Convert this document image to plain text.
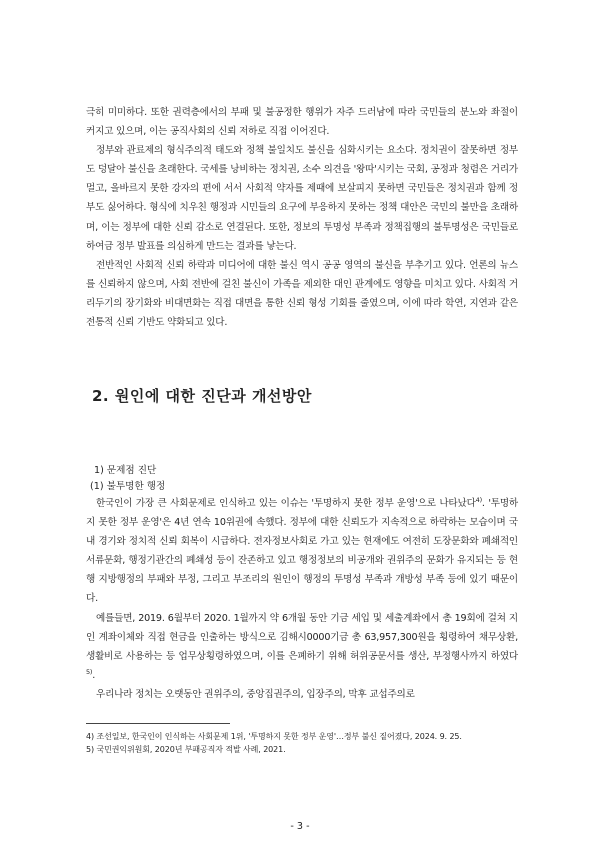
극히 미미하다. 또한 권력층에서의 부패 및 불공정한 행위가 자주 드러남에 따라 국민들의 분노와 좌절이 커지고 있으며, 이는 공직사회의 신뢰 저하로 직접 이어진다.

정부와 관료제의 형식주의적 태도와 정책 불일치도 불신을 심화시키는 요소다. 정치권이 잘못하면 정부도 덩달아 불신을 초래한다. 국세를 낭비하는 정치권, 소수 의견을 '왕따'시키는 국회, 공정과 청렴은 거리가 멀고, 올바르지 못한 강자의 편에 서서 사회적 약자를 제때에 보살피지 못하면 국민들은 정치권과 함께 정부도 싫어하다. 형식에 치우친 행정과 시민들의 요구에 부응하지 못하는 정책 대안은 국민의 불만을 초래하며, 이는 정부에 대한 신뢰 감소로 연결된다. 또한, 정보의 투명성 부족과 정책집행의 불투명성은 국민들로 하여금 정부 발표를 의심하게 만드는 결과를 낳는다.

전반적인 사회적 신뢰 하락과 미디어에 대한 불신 역시 공공 영역의 불신을 부추기고 있다. 언론의 뉴스를 신뢰하지 않으며, 사회 전반에 걸친 불신이 가족을 제외한 대인 관계에도 영향을 미치고 있다. 사회적 거리두기의 장기화와 비대면화는 직접 대면을 통한 신뢰 형성 기회를 줄였으며, 이에 따라 학연, 지연과 같은 전통적 신뢰 기반도 약화되고 있다.

2. 원인에 대한 진단과 개선방안
1) 문제점 진단
(1) 불투명한 행정

한국인이 가장 큰 사회문제로 인식하고 있는 이슈는 '투명하지 못한 정부 운영'으로 나타났다$^{4)}$. '투명하지 못한 정부 운영'은 4년 연속 10위권에 속했다. 정부에 대한 신뢰도가 지속적으로 하락하는 모습이며 국내 경기와 정치적 신뢰 회복이 시급하다. 전자정보사회로 가고 있는 현재에도 여전히 도장문화와 폐쇄적인 서류문화, 행정기관간의 폐쇄성 등이 잔존하고 있고 행정정보의 비공개와 권위주의 문화가 유지되는 등 현행 지방행정의 부패와 부정, 그리고 부조리의 원인이 행정의 투명성 부족과 개방성 부족 등에 있기 때문이다.

예를들면, 2019. 6월부터 2020. 1월까지 약 6개월 동안 기금 세입 및 세출계좌에서 총 19회에 걸쳐 지인 계좌이체와 직접 현금을 인출하는 방식으로 김해시0000기금 총 63,957,300원을 횡령하여 채무상환, 생활비로 사용하는 등 업무상횡령하였으며, 이를 은폐하기 위해 허위공문서를 생산, 부정행사까지 하였다$^{5)}$.

우리나라 정치는 오랫동안 권위주의, 중앙집권주의, 입장주의, 막후 교섭주의로

4) 조선일보, 한국인이 인식하는 사회문제 1위, '투명하지 못한 정부 운영'…정부 불신 짙어졌다, 2024. 9. 25.

5) 국민권익위원회, 2020년 부패공직자 적발 사례, 2021.

- 3 -
